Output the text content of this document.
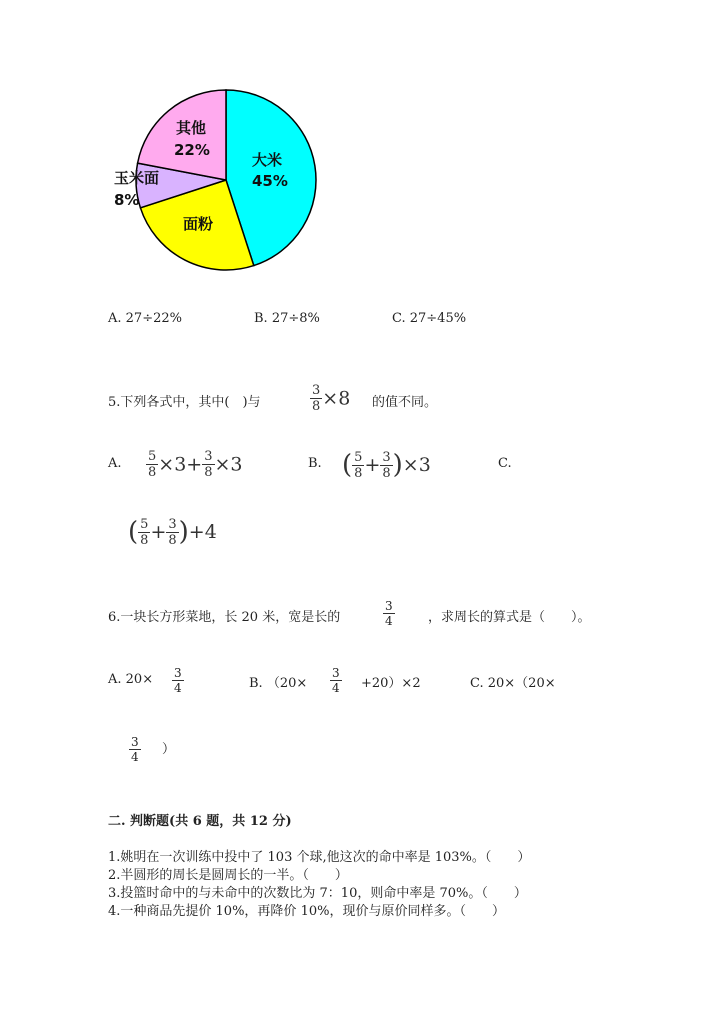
大米
45%
面粉
玉米面
8%
其他
22%
A. 27÷22%	B. 27÷8%	C. 27÷45%
5.下列各式中，其中(　)与	$\frac{3}{8} \times 8$ 的值不同。
A. $\frac{5}{8} \times 3+ \frac{3}{8} \times 3$	B. ( $\frac{5}{8} + \frac{3}{8} )\times 3$	C.
( $\frac{5}{8} + \frac{3}{8} )+4$
6.一块长方形菜地，长 20 米，宽是长的	$\frac{3}{4}$	，求周长的算式是（　　）。
A. $20\times \frac{3}{4}$	B. $(20\times \frac{3}{4} +20)\times 2$	C. 20×（20×
$\frac{3}{4}$ ）
二. 判断题(共 6 题，共 12 分)
1.姚明在一次训练中投中了 103 个球,他这次的命中率是 103%。（　　）
2.半圆形的周长是圆周长的一半。（　　）
3.投篮时命中的与未命中的次数比为 7：10，则命中率是 70%。（　　）
4.一种商品先提价 10%，再降价 10%，现价与原价同样多。（　　）
